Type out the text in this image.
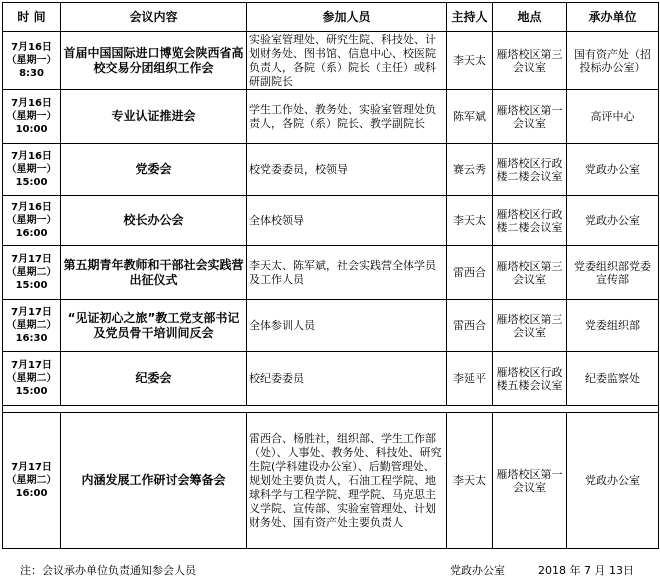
时 间	会议内容	参加人员	主持人	地点	承办单位
7月16日
（星期一）
8:30	首届中国国际进口博览会陕西省高校交易分团组织工作会	实验室管理处、研究生院、科技处、计划财务处、图书馆、信息中心、校医院负责人，各院（系）院长（主任）或科研副院长	李天太	雁塔校区第三会议室	国有资产处（招投标办公室）
7月16日
（星期一）
10:00	专业认证推进会	学生工作处、教务处、实验室管理处负责人，各院（系）院长、教学副院长	陈军斌	雁塔校区第一会议室	高评中心
7月16日
（星期一）
15:00	党委会	校党委委员，校领导	赛云秀	雁塔校区行政楼二楼会议室	党政办公室
7月16日
（星期一）
16:00	校长办公会	全体校领导	李天太	雁塔校区行政楼二楼会议室	党政办公室
7月17日
（星期二）
15:00	第五期青年教师和干部社会实践营出征仪式	李天太、陈军斌，社会实践营全体学员及工作人员	雷西合	雁塔校区第三会议室	党委组织部党委宣传部
7月17日
（星期二）
16:30	“见证初心之旅”教工党支部书记及党员骨干培训间反会	全体参训人员	雷西合	雁塔校区第三会议室	党委组织部
7月17日
（星期二）
15:00	纪委会	校纪委委员	李延平	雁塔校区行政楼五楼会议室	纪委监察处

7月17日
（星期二）
16:00	内涵发展工作研讨会筹备会	雷西合、杨胜社，组织部、学生工作部（处）、人事处、教务处、科技处、研究生院(学科建设办公室）、后勤管理处、规划处主要负责人，石油工程学院、地球科学与工程学院、理学院、马克思主义学院、宣传部、实验室管理处、计划财务处、国有资产处主要负责人	李天太	雁塔校区第一会议室	党政办公室
注：会议承办单位负责通知参会人员	党政办公室	2018 年 7 月 13日
